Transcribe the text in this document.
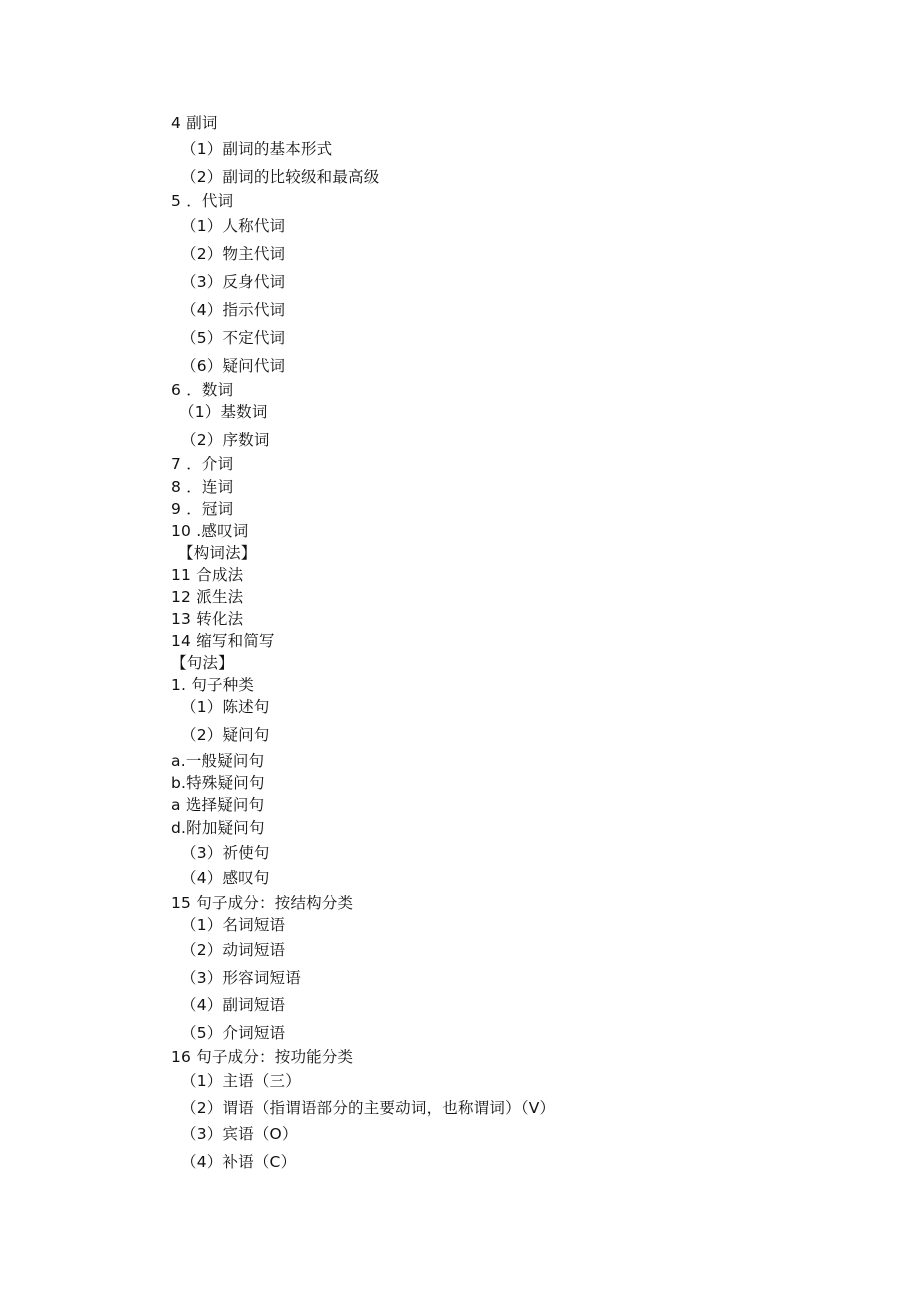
4 副词

（1）副词的基本形式

（2）副词的比较级和最高级

5 ．代词

（1）人称代词

（2）物主代词

（3）反身代词

（4）指示代词

（5）不定代词

（6）疑问代词

6 ．数词

（1）基数词

（2）序数词

7 ．介词

8 ．连词

9 ．冠词

10 .感叹词

【构词法】

11 合成法

12 派生法

13 转化法

14 缩写和简写

【句法】

1. 句子种类

（1）陈述句

（2）疑问句

a.一般疑问句

b.特殊疑问句

a 选择疑问句

d.附加疑问句

（3）祈使句

（4）感叹句

15 句子成分：按结构分类

（1）名词短语

（2）动词短语

（3）形容词短语

（4）副词短语

（5）介词短语

16 句子成分：按功能分类

（1）主语（三）

（2）谓语（指谓语部分的主要动词，也称谓词）（V）

（3）宾语（O）

（4）补语（C）
